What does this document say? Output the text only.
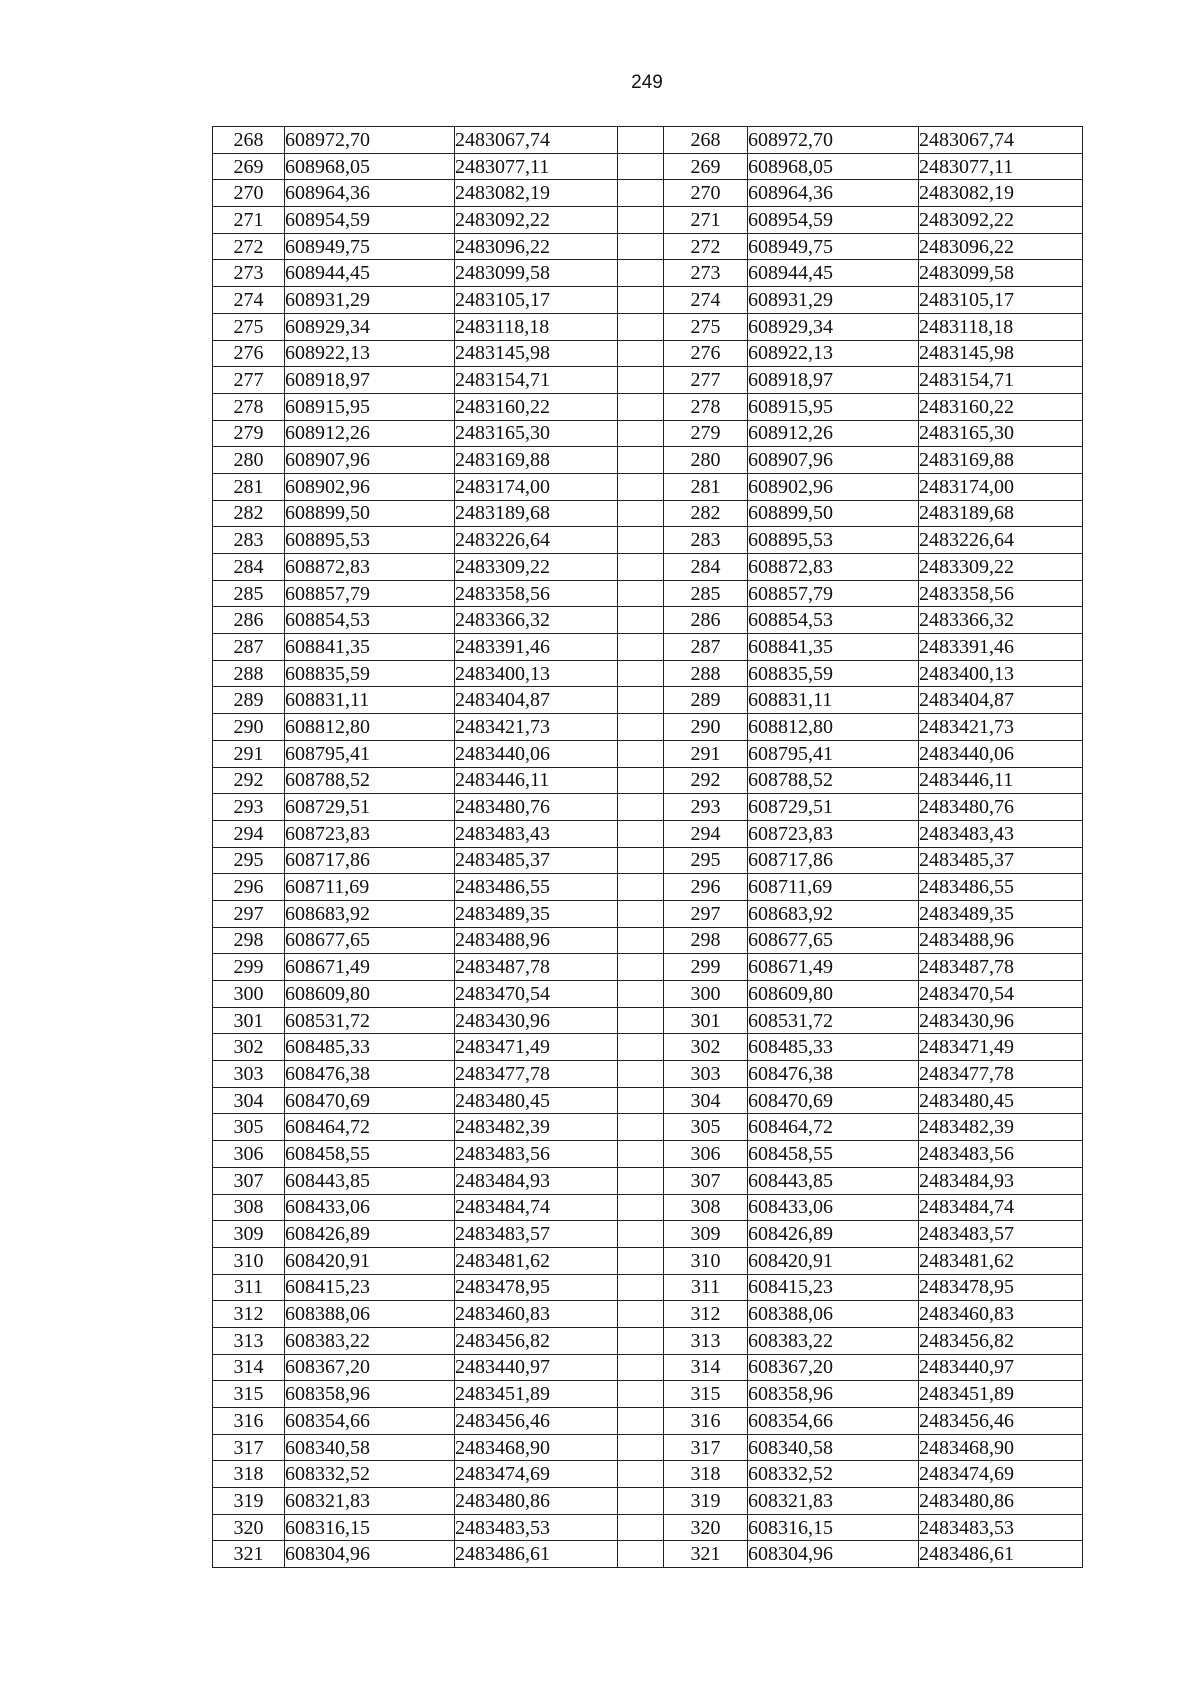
249
268	608972,70	2483067,74		268	608972,70	2483067,74
269	608968,05	2483077,11		269	608968,05	2483077,11
270	608964,36	2483082,19		270	608964,36	2483082,19
271	608954,59	2483092,22		271	608954,59	2483092,22
272	608949,75	2483096,22		272	608949,75	2483096,22
273	608944,45	2483099,58		273	608944,45	2483099,58
274	608931,29	2483105,17		274	608931,29	2483105,17
275	608929,34	2483118,18		275	608929,34	2483118,18
276	608922,13	2483145,98		276	608922,13	2483145,98
277	608918,97	2483154,71		277	608918,97	2483154,71
278	608915,95	2483160,22		278	608915,95	2483160,22
279	608912,26	2483165,30		279	608912,26	2483165,30
280	608907,96	2483169,88		280	608907,96	2483169,88
281	608902,96	2483174,00		281	608902,96	2483174,00
282	608899,50	2483189,68		282	608899,50	2483189,68
283	608895,53	2483226,64		283	608895,53	2483226,64
284	608872,83	2483309,22		284	608872,83	2483309,22
285	608857,79	2483358,56		285	608857,79	2483358,56
286	608854,53	2483366,32		286	608854,53	2483366,32
287	608841,35	2483391,46		287	608841,35	2483391,46
288	608835,59	2483400,13		288	608835,59	2483400,13
289	608831,11	2483404,87		289	608831,11	2483404,87
290	608812,80	2483421,73		290	608812,80	2483421,73
291	608795,41	2483440,06		291	608795,41	2483440,06
292	608788,52	2483446,11		292	608788,52	2483446,11
293	608729,51	2483480,76		293	608729,51	2483480,76
294	608723,83	2483483,43		294	608723,83	2483483,43
295	608717,86	2483485,37		295	608717,86	2483485,37
296	608711,69	2483486,55		296	608711,69	2483486,55
297	608683,92	2483489,35		297	608683,92	2483489,35
298	608677,65	2483488,96		298	608677,65	2483488,96
299	608671,49	2483487,78		299	608671,49	2483487,78
300	608609,80	2483470,54		300	608609,80	2483470,54
301	608531,72	2483430,96		301	608531,72	2483430,96
302	608485,33	2483471,49		302	608485,33	2483471,49
303	608476,38	2483477,78		303	608476,38	2483477,78
304	608470,69	2483480,45		304	608470,69	2483480,45
305	608464,72	2483482,39		305	608464,72	2483482,39
306	608458,55	2483483,56		306	608458,55	2483483,56
307	608443,85	2483484,93		307	608443,85	2483484,93
308	608433,06	2483484,74		308	608433,06	2483484,74
309	608426,89	2483483,57		309	608426,89	2483483,57
310	608420,91	2483481,62		310	608420,91	2483481,62
311	608415,23	2483478,95		311	608415,23	2483478,95
312	608388,06	2483460,83		312	608388,06	2483460,83
313	608383,22	2483456,82		313	608383,22	2483456,82
314	608367,20	2483440,97		314	608367,20	2483440,97
315	608358,96	2483451,89		315	608358,96	2483451,89
316	608354,66	2483456,46		316	608354,66	2483456,46
317	608340,58	2483468,90		317	608340,58	2483468,90
318	608332,52	2483474,69		318	608332,52	2483474,69
319	608321,83	2483480,86		319	608321,83	2483480,86
320	608316,15	2483483,53		320	608316,15	2483483,53
321	608304,96	2483486,61		321	608304,96	2483486,61
